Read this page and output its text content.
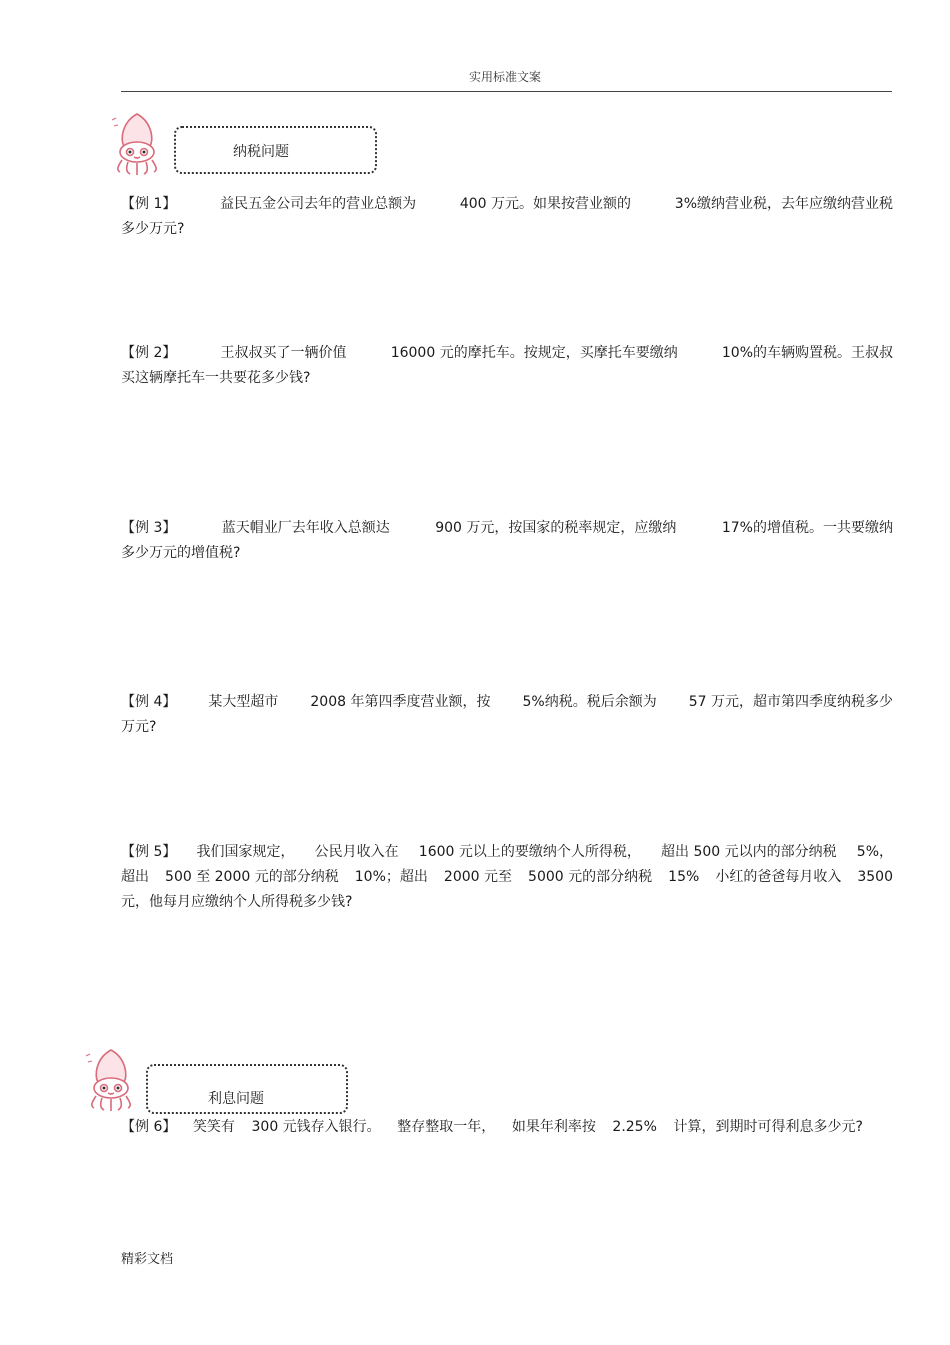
实用标准文案
纳税问题
【例 1】	益民五金公司去年的营业总额为	400 万元。如果按营业额的	3%缴纳营业税，去年应缴纳营业税
多少万元?
【例 2】	王叔叔买了一辆价值	16000 元的摩托车。按规定，买摩托车要缴纳	10%的车辆购置税。王叔叔
买这辆摩托车一共要花多少钱?
【例 3】	蓝天帽业厂去年收入总额达	900 万元，按国家的税率规定，应缴纳	17%的增值税。一共要缴纳
多少万元的增值税?
【例 4】 某大型超市 2008 年第四季度营业额，按 5%纳税。税后余额为 57 万元，超市第四季度纳税多少
万元?
【例 5】 我们国家规定， 公民月收入在 1600 元以上的要缴纳个人所得税， 超出 500 元以内的部分纳税 5%，
超出 500 至 2000 元的部分纳税 10%；超出 2000 元至 5000 元的部分纳税 15% 小红的爸爸每月收入 3500
元，他每月应缴纳个人所得税多少钱?
利息问题
【例 6】 笑笑有 300 元钱存入银行。 整存整取一年， 如果年利率按 2.25% 计算，到期时可得利息多少元?
精彩文档
